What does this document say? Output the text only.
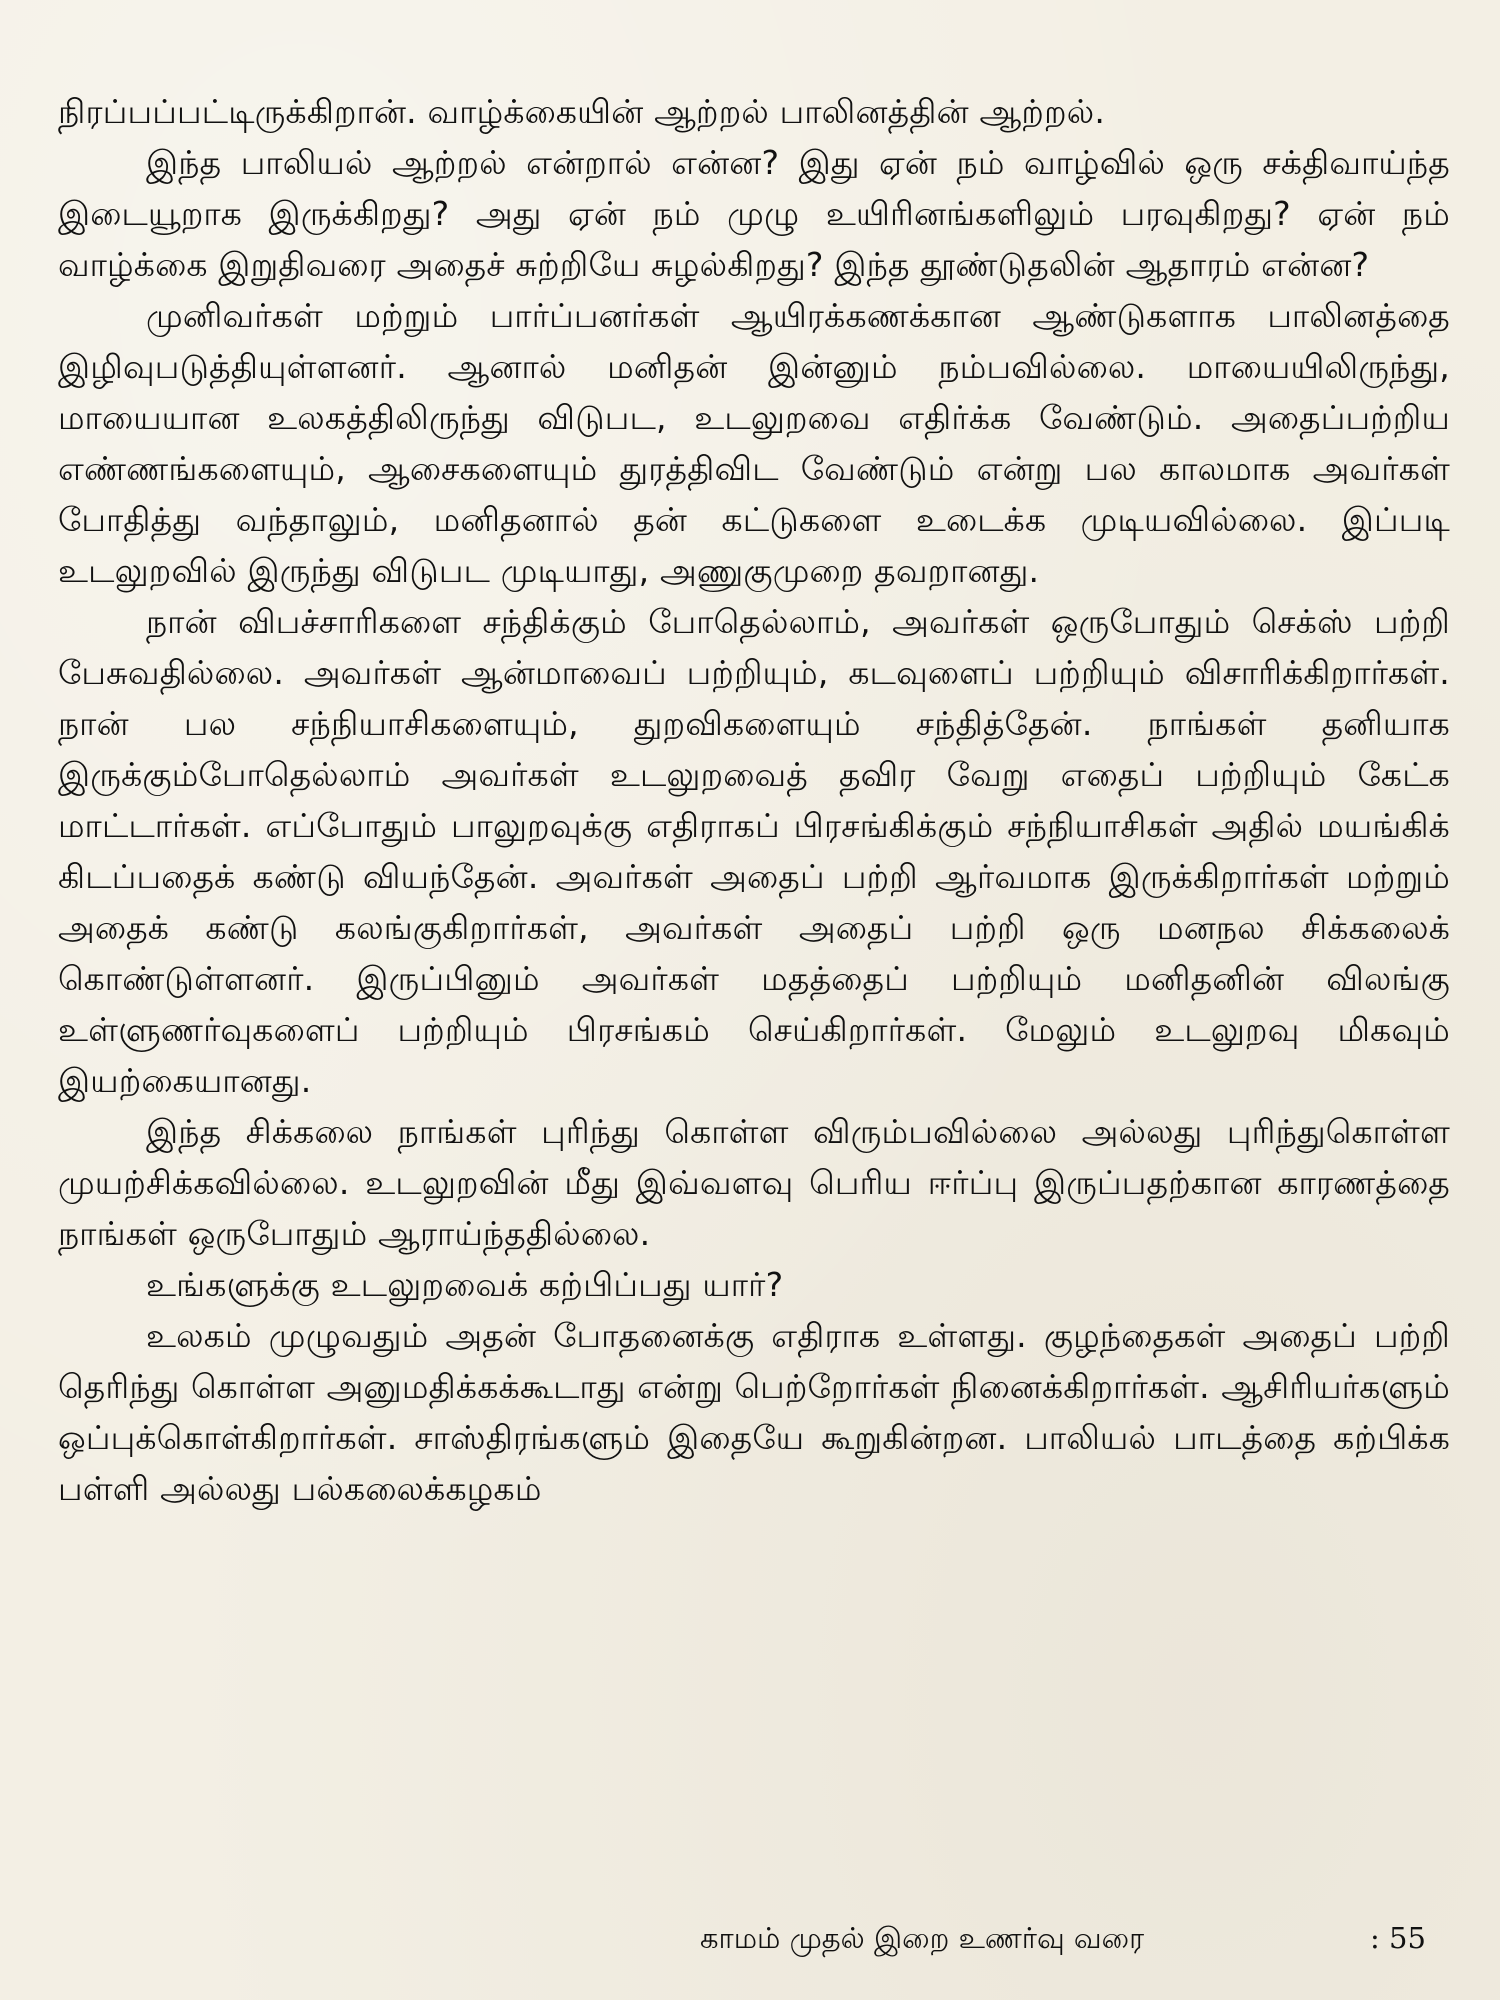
நிரப்பப்பட்டிருக்கிறான். வாழ்க்கையின் ஆற்றல் பாலினத்தின் ஆற்றல்.

இந்த பாலியல் ஆற்றல் என்றால் என்ன? இது ஏன் நம் வாழ்வில் ஒரு சக்திவாய்ந்த இடையூறாக இருக்கிறது? அது ஏன் நம் முழு உயிரினங்களிலும் பரவுகிறது? ஏன் நம் வாழ்க்கை இறுதிவரை அதைச் சுற்றியே சுழல்கிறது? இந்த தூண்டுதலின் ஆதாரம் என்ன?

முனிவர்கள் மற்றும் பார்ப்பனர்கள் ஆயிரக்கணக்கான ஆண்டுகளாக பாலினத்தை இழிவுபடுத்தியுள்ளனர். ஆனால் மனிதன் இன்னும் நம்பவில்லை. மாயையிலிருந்து, மாயையான உலகத்திலிருந்து விடுபட, உடலுறவை எதிர்க்க வேண்டும். அதைப்பற்றிய எண்ணங்களையும், ஆசைகளையும் துரத்திவிட வேண்டும் என்று பல காலமாக அவர்கள் போதித்து வந்தாலும், மனிதனால் தன் கட்டுகளை உடைக்க முடியவில்லை. இப்படி உடலுறவில் இருந்து விடுபட முடியாது, அணுகுமுறை தவறானது.

நான் விபச்சாரிகளை சந்திக்கும் போதெல்லாம், அவர்கள் ஒருபோதும் செக்ஸ் பற்றி பேசுவதில்லை. அவர்கள் ஆன்மாவைப் பற்றியும், கடவுளைப் பற்றியும் விசாரிக்கிறார்கள். நான் பல சந்நியாசிகளையும், துறவிகளையும் சந்தித்தேன். நாங்கள் தனியாக இருக்கும்போதெல்லாம் அவர்கள் உடலுறவைத் தவிர வேறு எதைப் பற்றியும் கேட்க மாட்டார்கள். எப்போதும் பாலுறவுக்கு எதிராகப் பிரசங்கிக்கும் சந்நியாசிகள் அதில் மயங்கிக் கிடப்பதைக் கண்டு வியந்தேன். அவர்கள் அதைப் பற்றி ஆர்வமாக இருக்கிறார்கள் மற்றும் அதைக் கண்டு கலங்குகிறார்கள், அவர்கள் அதைப் பற்றி ஒரு மனநல சிக்கலைக் கொண்டுள்ளனர். இருப்பினும் அவர்கள் மதத்தைப் பற்றியும் மனிதனின் விலங்கு உள்ளுணர்வுகளைப் பற்றியும் பிரசங்கம் செய்கிறார்கள். மேலும் உடலுறவு மிகவும் இயற்கையானது.

இந்த சிக்கலை நாங்கள் புரிந்து கொள்ள விரும்பவில்லை அல்லது புரிந்துகொள்ள முயற்சிக்கவில்லை. உடலுறவின் மீது இவ்வளவு பெரிய ஈர்ப்பு இருப்பதற்கான காரணத்தை நாங்கள் ஒருபோதும் ஆராய்ந்ததில்லை.

உங்களுக்கு உடலுறவைக் கற்பிப்பது யார்?

உலகம் முழுவதும் அதன் போதனைக்கு எதிராக உள்ளது. குழந்தைகள் அதைப் பற்றி தெரிந்து கொள்ள அனுமதிக்கக்கூடாது என்று பெற்றோர்கள் நினைக்கிறார்கள். ஆசிரியர்களும் ஒப்புக்கொள்கிறார்கள். சாஸ்திரங்களும் இதையே கூறுகின்றன. பாலியல் பாடத்தை கற்பிக்க பள்ளி அல்லது பல்கலைக்கழகம்

காமம் முதல் இறை உணர்வு வரை	: 55
